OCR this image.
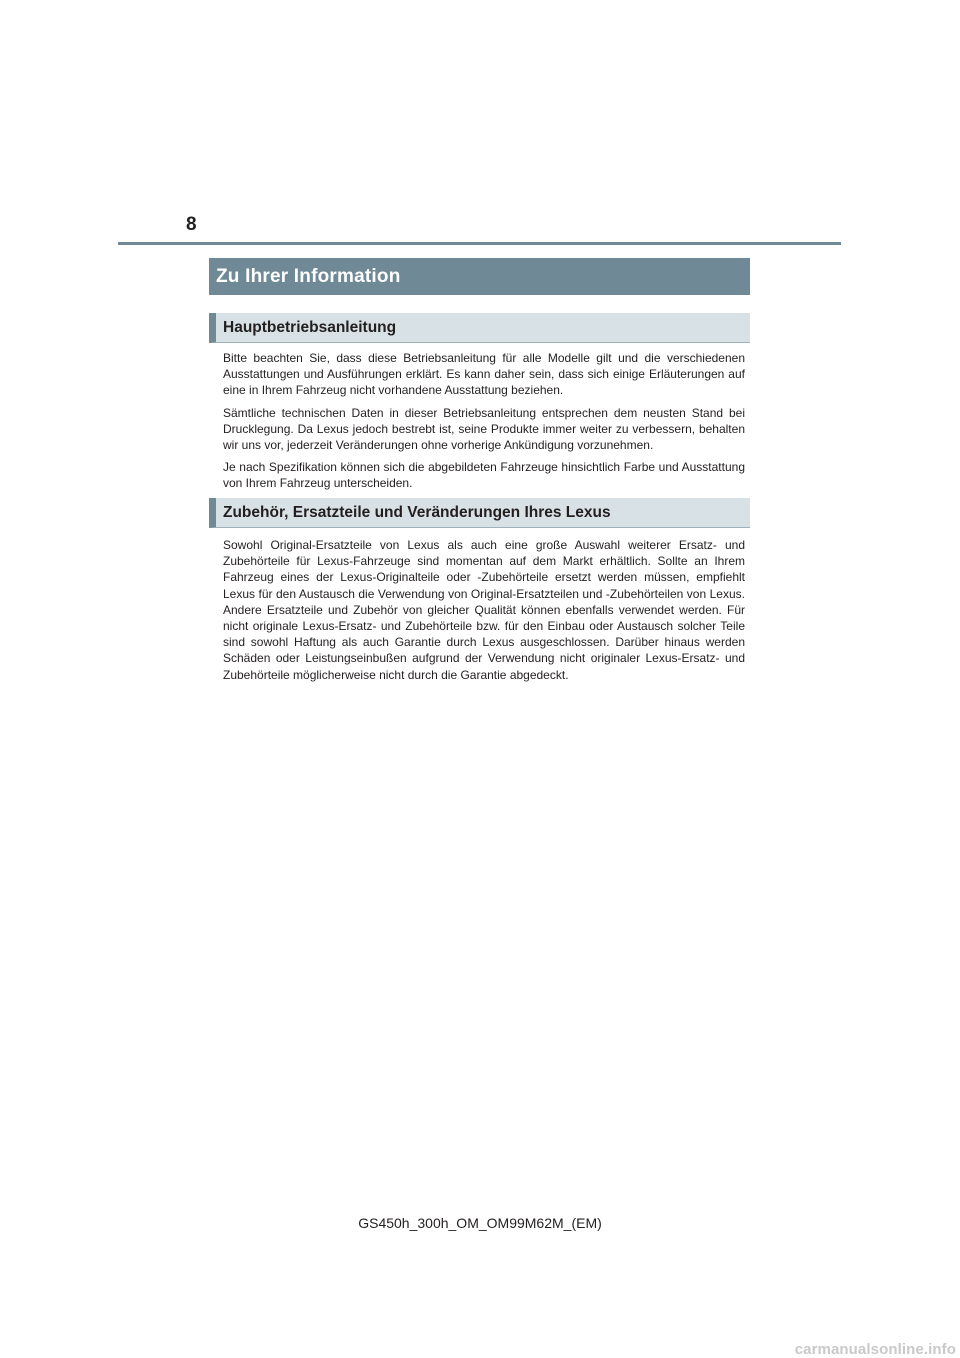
8
Zu Ihrer Information
Hauptbetriebsanleitung

Bitte beachten Sie, dass diese Betriebsanleitung für alle Modelle gilt und die verschiedenen Ausstattungen und Ausführungen erklärt. Es kann daher sein, dass sich einige Erläuterungen auf eine in Ihrem Fahrzeug nicht vorhandene Ausstattung beziehen.

Sämtliche technischen Daten in dieser Betriebsanleitung entsprechen dem neusten Stand bei Drucklegung. Da Lexus jedoch bestrebt ist, seine Produkte immer weiter zu verbessern, behalten wir uns vor, jederzeit Veränderungen ohne vorherige Ankündigung vorzunehmen.

Je nach Spezifikation können sich die abgebildeten Fahrzeuge hinsichtlich Farbe und Ausstattung von Ihrem Fahrzeug unterscheiden.

Zubehör, Ersatzteile und Veränderungen Ihres Lexus

Sowohl Original-Ersatzteile von Lexus als auch eine große Auswahl weiterer Ersatz- und Zubehörteile für Lexus-Fahrzeuge sind momentan auf dem Markt erhältlich. Sollte an Ihrem Fahrzeug eines der Lexus-Originalteile oder -Zubehörteile ersetzt werden müssen, empfiehlt Lexus für den Austausch die Verwendung von Original-Ersatzteilen und -Zubehörteilen von Lexus. Andere Ersatzteile und Zubehör von gleicher Qualität können ebenfalls verwendet werden. Für nicht originale Lexus-Ersatz- und Zubehörteile bzw. für den Einbau oder Austausch solcher Teile sind sowohl Haftung als auch Garantie durch Lexus ausgeschlossen. Darüber hinaus werden Schäden oder Leistungseinbußen aufgrund der Verwendung nicht originaler Lexus-Ersatz- und Zubehörteile möglicherweise nicht durch die Garantie abgedeckt.

GS450h_300h_OM_OM99M62M_(EM)
carmanualsonline.info
